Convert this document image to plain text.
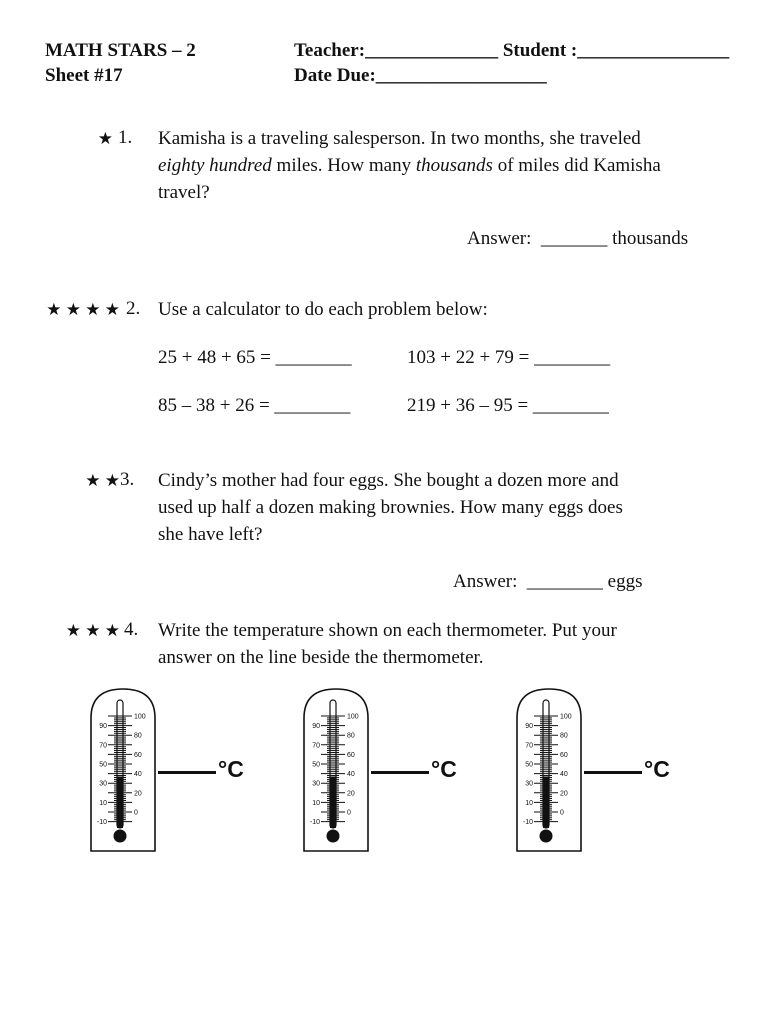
MATH STARS – 2
Sheet #17
Teacher:______________ Student :________________
Date Due:__________________
★ 1. Kamisha is a traveling salesperson. In two months, she traveled
eighty hundred miles. How many thousands of miles did Kamisha
travel?
Answer: _______ thousands
★ ★ ★ ★ 2. Use a calculator to do each problem below:
25 + 48 + 65 = ________	103 + 22 + 79 = ________
85 – 38 + 26 = ________	219 + 36 – 95 = ________
★ ★ 3. Cindy’s mother had four eggs. She bought a dozen more and
used up half a dozen making brownies. How many eggs does
she have left?
Answer: ________ eggs
★ ★ ★ 4. Write the temperature shown on each thermometer. Put your
answer on the line beside the thermometer.
90
70
50
30
10
-10
100
80
60
40
20
0
°C
90
70
50
30
10
-10
100
80
60
40
20
0
°C
90
70
50
30
10
-10
100
80
60
40
20
0
°C
